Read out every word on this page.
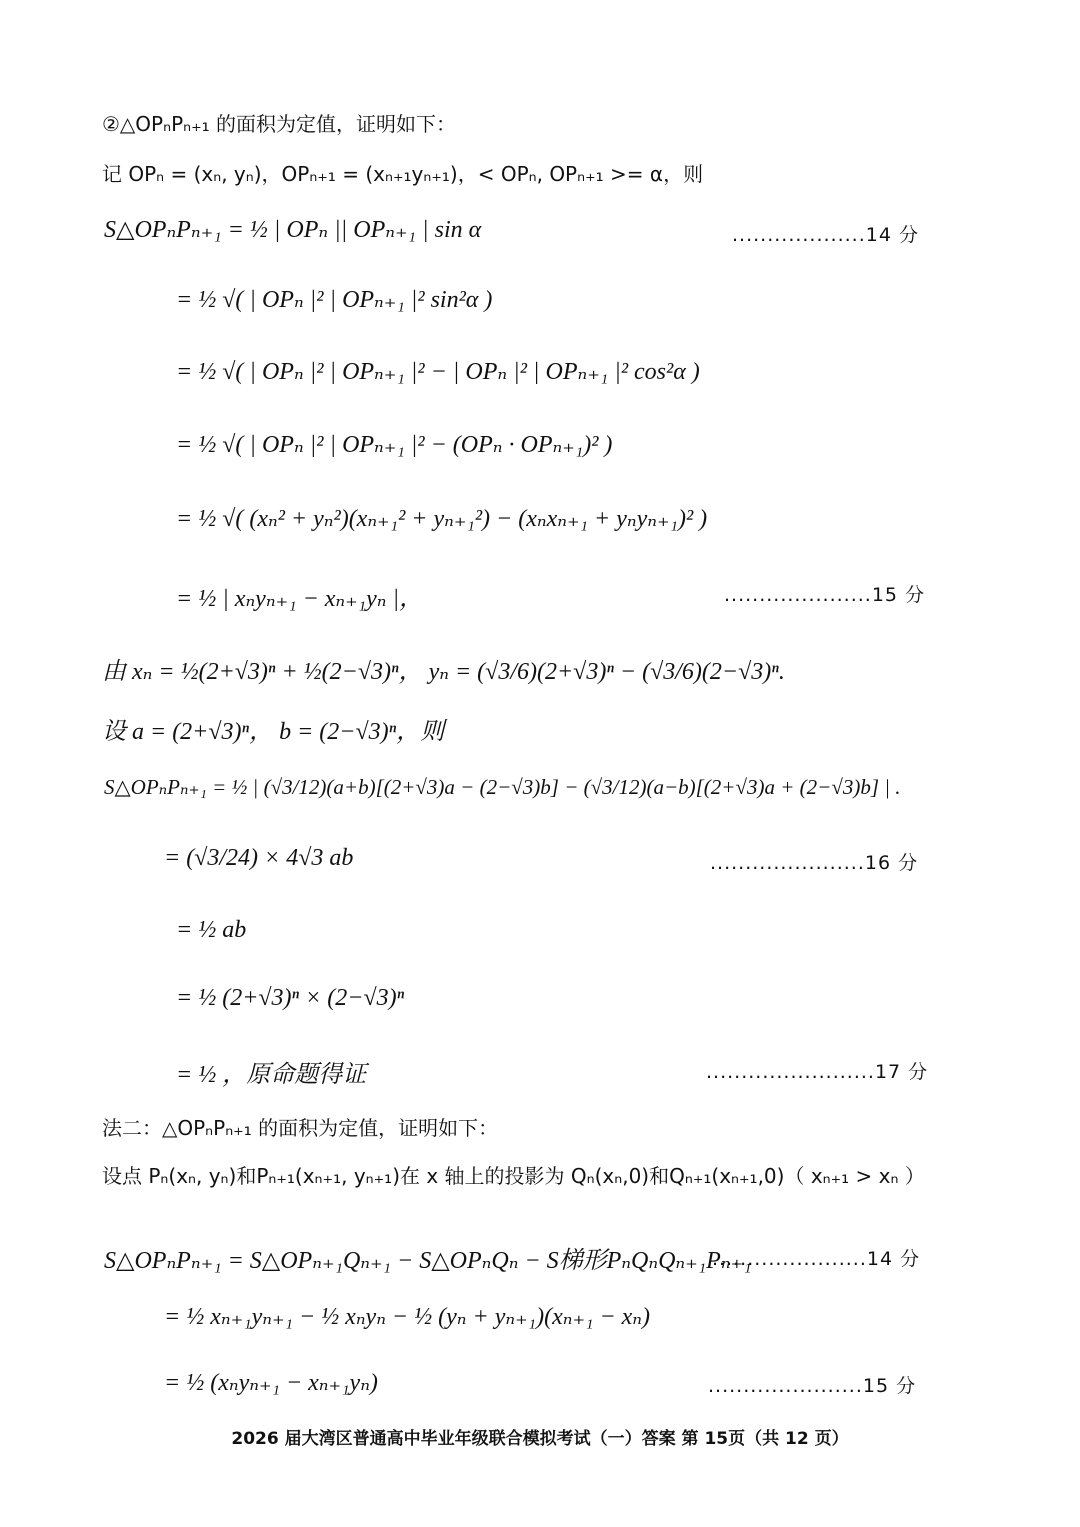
②△OPₙPₙ₊₁ 的面积为定值，证明如下：
记 OPₙ = (xₙ, yₙ)，OPₙ₊₁ = (xₙ₊₁yₙ₊₁)，< OPₙ, OPₙ₊₁ >= α，则
S△OPₙPₙ₊₁ = ½ | OPₙ || OPₙ₊₁ | sin α	...................14 分
= ½ √( | OPₙ |² | OPₙ₊₁ |² sin²α )
= ½ √( | OPₙ |² | OPₙ₊₁ |² − | OPₙ |² | OPₙ₊₁ |² cos²α )
= ½ √( | OPₙ |² | OPₙ₊₁ |² − (OPₙ · OPₙ₊₁)² )
= ½ √( (xₙ² + yₙ²)(xₙ₊₁² + yₙ₊₁²) − (xₙxₙ₊₁ + yₙyₙ₊₁)² )
= ½ | xₙyₙ₊₁ − xₙ₊₁yₙ |，	.....................15 分
由 xₙ = ½(2+√3)ⁿ + ½(2−√3)ⁿ， yₙ = (√3/6)(2+√3)ⁿ − (√3/6)(2−√3)ⁿ.
设 a = (2+√3)ⁿ， b = (2−√3)ⁿ，则
S△OPₙPₙ₊₁ = ½ | (√3/12)(a+b)[(2+√3)a − (2−√3)b] − (√3/12)(a−b)[(2+√3)a + (2−√3)b] | .
= (√3/24) × 4√3 ab	......................16 分
= ½ ab
= ½ (2+√3)ⁿ × (2−√3)ⁿ
= ½ ，原命题得证	........................17 分
法二：△OPₙPₙ₊₁ 的面积为定值，证明如下：
设点 Pₙ(xₙ, yₙ)和Pₙ₊₁(xₙ₊₁, yₙ₊₁)在 x 轴上的投影为 Qₙ(xₙ,0)和Qₙ₊₁(xₙ₊₁,0)（ xₙ₊₁ > xₙ ）
S△OPₙPₙ₊₁ = S△OPₙ₊₁Qₙ₊₁ − S△OPₙQₙ − S梯形PₙQₙQₙ₊₁Pₙ₊₁
......................14 分
= ½ xₙ₊₁yₙ₊₁ − ½ xₙyₙ − ½ (yₙ + yₙ₊₁)(xₙ₊₁ − xₙ)
= ½ (xₙyₙ₊₁ − xₙ₊₁yₙ)	......................15 分
2026 届大湾区普通高中毕业年级联合模拟考试（一）答案 第 15页（共 12 页）
